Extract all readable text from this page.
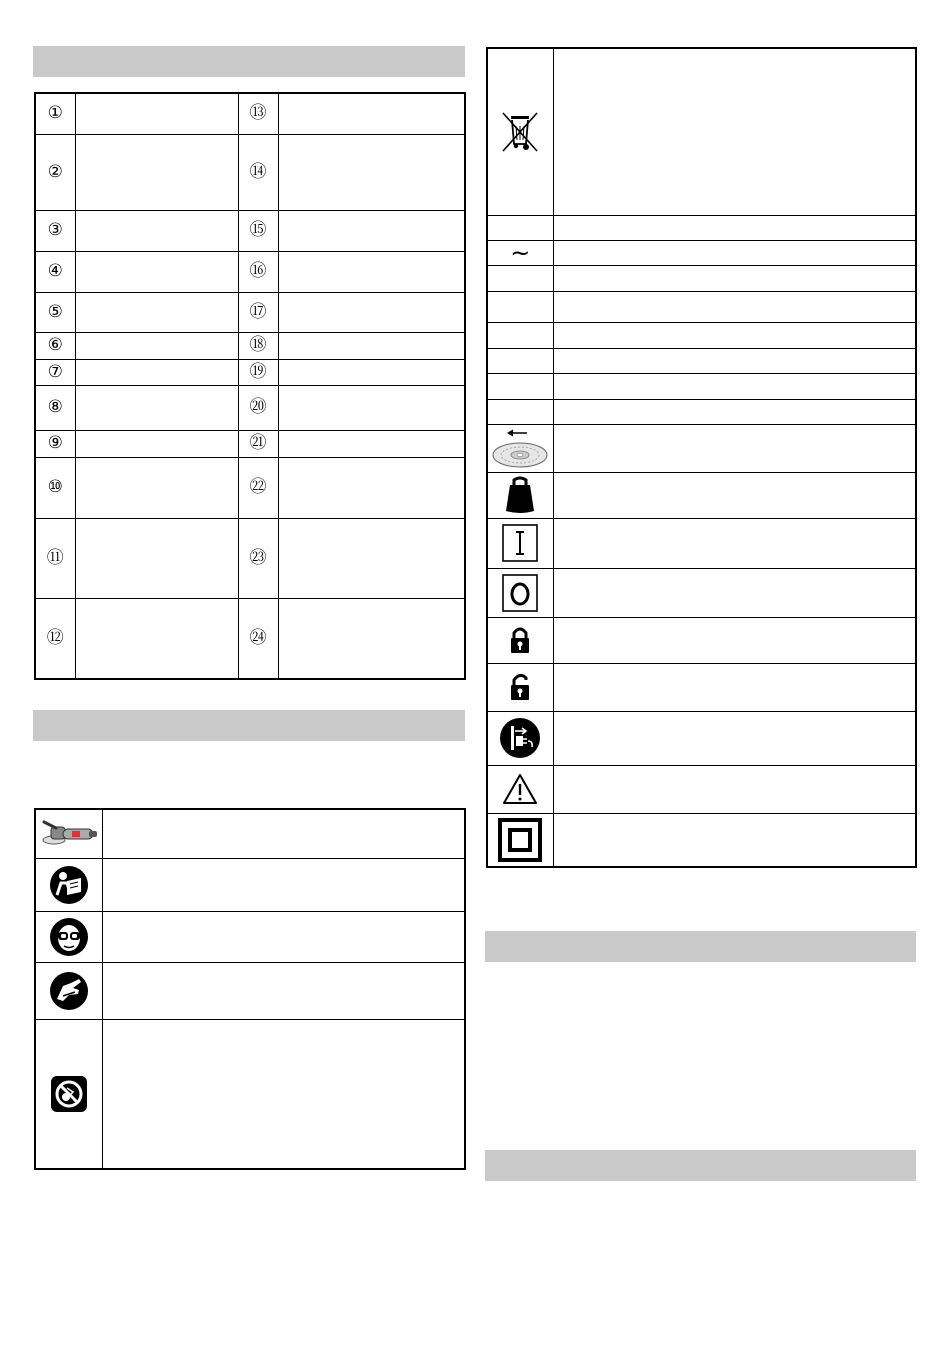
①		⑬	
②		⑭	
③		⑮	
④		⑯	
⑤		⑰	
⑥		⑱	
⑦		⑲	
⑧		⑳	
⑨		㉑	
⑩		㉒	
⑪		㉓	
⑫		㉔	

~	
